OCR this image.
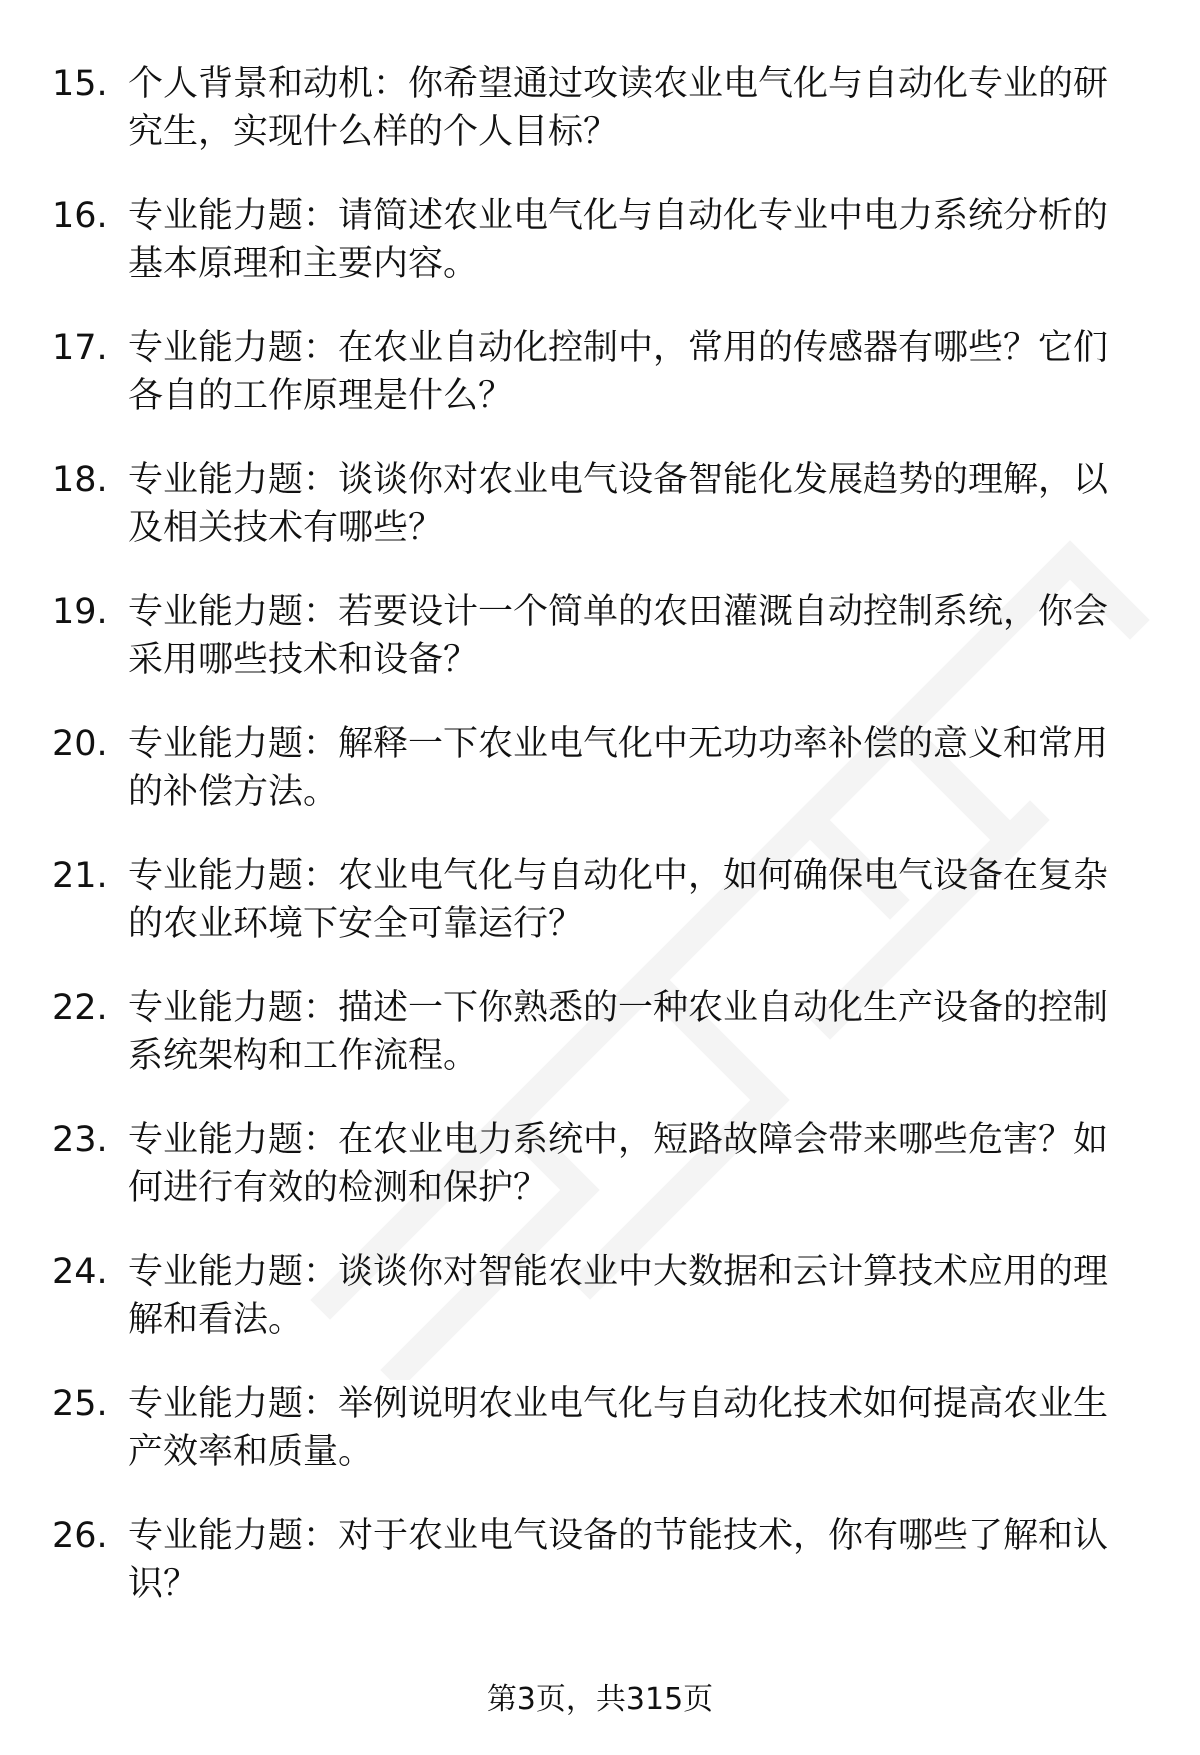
15. 个人背景和动机：你希望通过攻读农业电气化与自动化专业的研究生，实现什么样的个人目标？
16. 专业能力题：请简述农业电气化与自动化专业中电力系统分析的基本原理和主要内容。
17. 专业能力题：在农业自动化控制中，常用的传感器有哪些？它们各自的工作原理是什么？
18. 专业能力题：谈谈你对农业电气设备智能化发展趋势的理解，以及相关技术有哪些？
19. 专业能力题：若要设计一个简单的农田灌溉自动控制系统，你会采用哪些技术和设备？
20. 专业能力题：解释一下农业电气化中无功功率补偿的意义和常用的补偿方法。
21. 专业能力题：农业电气化与自动化中，如何确保电气设备在复杂的农业环境下安全可靠运行？
22. 专业能力题：描述一下你熟悉的一种农业自动化生产设备的控制系统架构和工作流程。
23. 专业能力题：在农业电力系统中，短路故障会带来哪些危害？如何进行有效的检测和保护？
24. 专业能力题：谈谈你对智能农业中大数据和云计算技术应用的理解和看法。
25. 专业能力题：举例说明农业电气化与自动化技术如何提高农业生产效率和质量。
26. 专业能力题：对于农业电气设备的节能技术，你有哪些了解和认识？
第3页，共315页
